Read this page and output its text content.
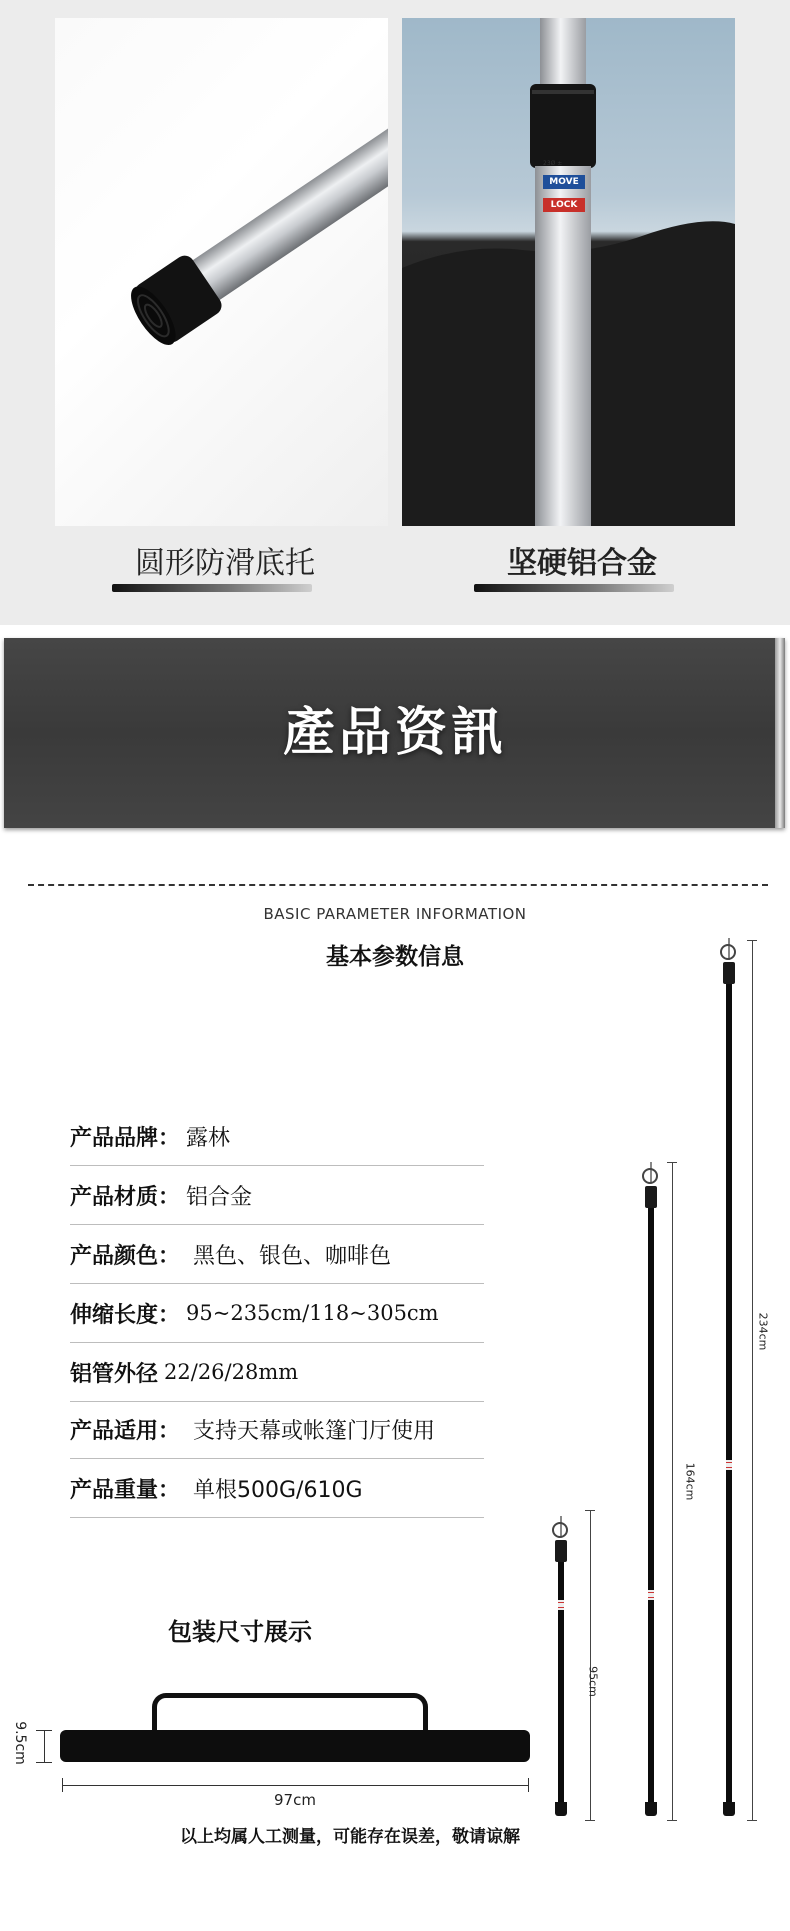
23Ø ±
MOVE
LOCK
圆形防滑底托	坚硬铝合金
產品资訊
BASIC PARAMETER INFORMATION
基本参数信息
产品品牌： 露林
产品材质： 铝合金
产品颜色： 黑色、银色、咖啡色
伸缩长度： 95~235cm/118~305cm
铝管外径 22/26/28mm
产品适用： 支持天幕或帐篷门厅使用
产品重量： 单根500G/610G
包装尺寸展示
97cm
9.5cm
以上均属人工测量，可能存在误差，敬请谅解
234cm
164cm
95cm
